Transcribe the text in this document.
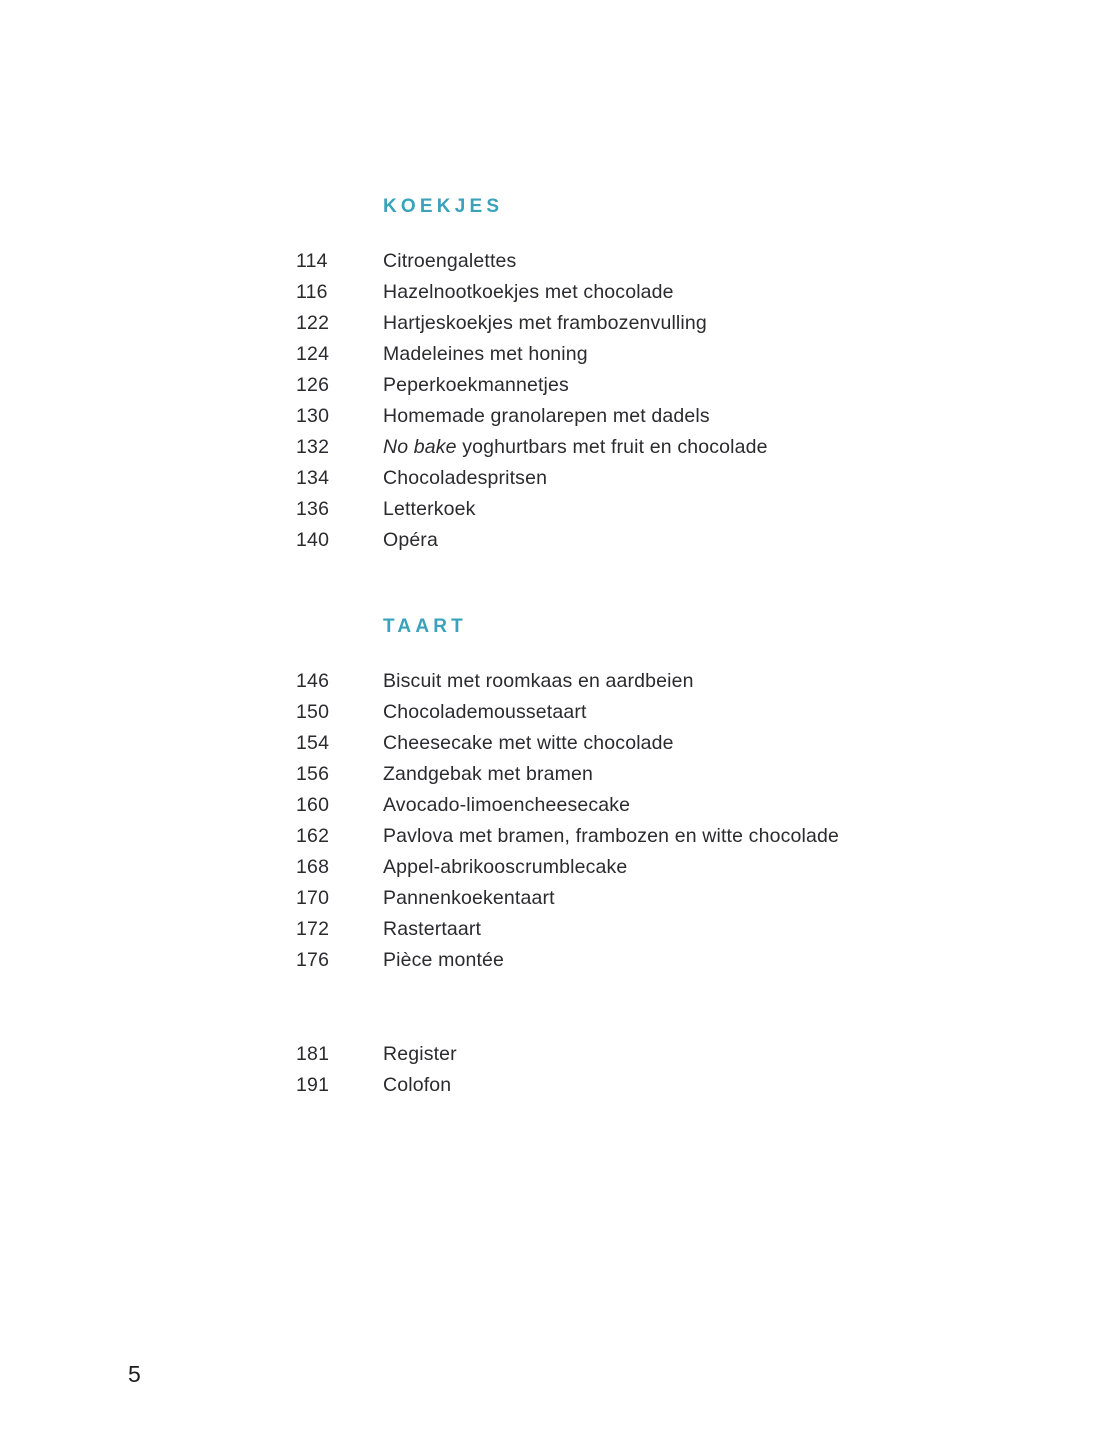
KOEKJES
114	Citroengalettes
116	Hazelnootkoekjes met chocolade
122	Hartjeskoekjes met frambozenvulling
124	Madeleines met honing
126	Peperkoekmannetjes
130	Homemade granolarepen met dadels
132	No bake yoghurtbars met fruit en chocolade
134	Chocoladespritsen
136	Letterkoek
140	Opéra
TAART
146	Biscuit met roomkaas en aardbeien
150	Chocolademoussetaart
154	Cheesecake met witte chocolade
156	Zandgebak met bramen
160	Avocado-limoencheesecake
162	Pavlova met bramen, frambozen en witte chocolade
168	Appel-abrikooscrumblecake
170	Pannenkoekentaart
172	Rastertaart
176	Pièce montée
181	Register
191	Colofon
5
